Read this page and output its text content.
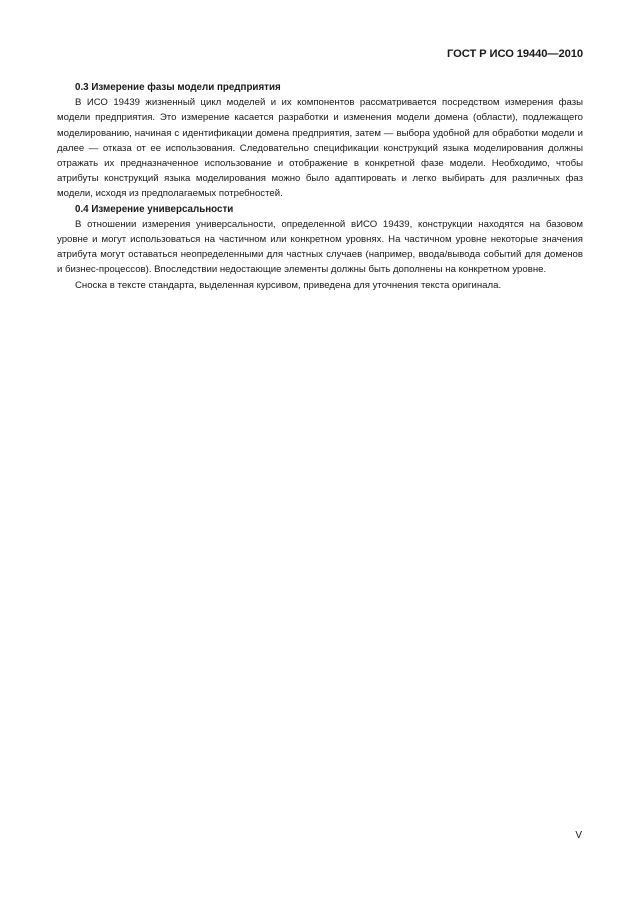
ГОСТ Р ИСО 19440—2010

0.3 Измерение фазы модели предприятия

В ИСО 19439 жизненный цикл моделей и их компонентов рассматривается посредством измерения фазы модели предприятия. Это измерение касается разработки и изменения модели домена (области), подлежащего моделированию, начиная с идентификации домена предприятия, затем — выбора удобной для обработки модели и далее — отказа от ее использования. Следовательно спецификации конструкций языка моделирования должны отражать их предназначенное использование и отображение в конкретной фазе модели. Необходимо, чтобы атрибуты конструкций языка моделирования можно было адаптировать и легко выбирать для различных фаз модели, исходя из предполагаемых потребностей.

0.4 Измерение универсальности

В отношении измерения универсальности, определенной вИСО 19439, конструкции находятся на базовом уровне и могут использоваться на частичном или конкретном уровнях. На частичном уровне некоторые значения атрибута могут оставаться неопределенными для частных случаев (например, ввода/вывода событий для доменов и бизнес-процессов). Впоследствии недостающие элементы должны быть дополнены на конкретном уровне.

Сноска в тексте стандарта, выделенная курсивом, приведена для уточнения текста оригинала.

V
